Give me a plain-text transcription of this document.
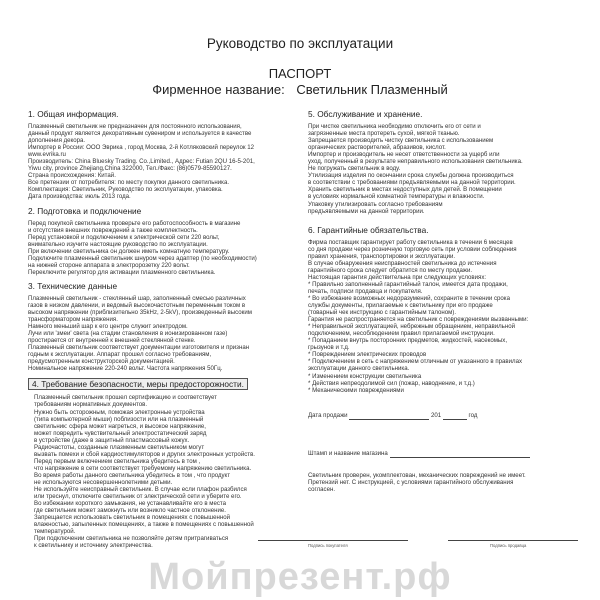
Руководство по эксплуатации
ПАСПОРТ
Фирменное название: Светильник Плазменный
1. Общая информация.
Плазменный светильник не предназначен для постоянного использования,
данный продукт является декоративным сувениром и используется в качестве
дополнения декора.
Импортер в России: ООО Эврика , город Москва, 2-й Котляковский переулок 12
www.evrika.ru
Производитель: China Bluesky Trading. Co.,Limited., Адрес: Futian 2QU 16-5-201,
Yiwu city, province Zhejiang,China 322000, Тел./Факс: (86)0579-85590127.
Страна происхождения: Китай.
Все претензии от потребителя: по месту покупки данного светильника.
Комплектация: Светильник, Руководство по эксплуатации, упаковка.
Дата производства: июль 2013 года.
2. Подготовка и подключение
Перед покупкой светильника проверьте его работоспособность в магазине
и отсутствия внешних повреждений а также комплектность.
Перед установкой и подключением к электрической сети 220 вольт,
внимательно изучите настоящие руководство по эксплуатации.
При включении светильника он должен иметь комнатную температуру.
Подключите плазменный светильник шнуром через адаптер (по необходимости)
на нижней стороне аппарата в электророзетку 220 вольт.
Переключите регулятор для активации плазменного светильника.
3. Технические данные
Плазменный светильник - стеклянный шар, заполненный смесью различных
газов в низком давлении, и ведомый высокочастотным переменным током в
высоком напряжении (приблизительно 35kHz, 2-5kV), произведенный высоким
трансформатором напряжения.
Намного меньший шар к его центре служит электродом.
Лучи или 'змеи' света (на стадии становления в ионизированном газе)
простирается от внутренней к внешней стеклянной стенке.
Плазменный светильник соответствует документации изготовителя и признан
годным к эксплуатации. Аппарат прошел согласно требованиям,
предусмотренным конструкторской документацией.
Номинальное напряжение 220-240 вольт. Частота напряжения 50Гц.
4. Требование безопасности, меры предосторожности.
Плазменный светильник прошел сертификацию и соответствует
требованиям нормативных документов.
Нужно быть осторожным, поможая электронные устройства
(типа компьютерной мыши) поблизости или на плазменный
светильник: сфера может нагреться, и высокое напряжение,
может повредить чувствительный электростатический заряд
в устройстве (даже в защитный пластмассовый кожух.
Радиочастоты, созданные плазменным светильником могут
вызвать помехи и сбой кардиостимуляторов и других электронных устройств.
Перед первым включением светильника убедитесь в том ,
что напряжение в сети соответствует требуемому напряжению светильника.
Во время работы данного светильника убедитесь в том , что продукт
не используются несовершеннолетними детьми.
Не используйте неисправный светильник. В случае если плафон разбился
или треснул, отключите светильник от электрической сети и уберите его.
Во избежании короткого замыкания, не устанавливайте его в места
где светильник может замокнуть или возникло частное отклонение.
Запрещается использовать светильник в помещениях с повышенной
влажностью, запыленных помещениях, а также в помещениях с повышенной
температурой.
При подключении светильника не позволяйте детям притрагиваться
к светильнику и источнику электричества.
5. Обслуживание и хранение.
При чистке светильника необходимо отключить его от сети и
загрязненные места протереть сухой, мягкой тканью.
Запрещается производить чистку светильника с использованием
органических растворителей, абразивов, кислот.
Импортер и производитель не несет ответственности за ущерб или
уход, полученный в результате неправильного использования светильника.
Не погружать светильник в воду.
Утилизация изделия по окончании срока службы должна производиться
в соответствии с требованиями предъявляемыми на данной территории.
Хранить светильник в местах недоступных для детей. В помещении
в условиях нормальной комнатной температуры и влажности.
Упаковку утилизировать согласно требованиям
предъявляемыми на данной территории.
6. Гарантийные обязательства.
Фирма поставщик гарантирует работу светильника в течении 6 месяцев
со дня продажи через розничную торговую сеть при условии соблюдения
правил хранения, транспортировки и эксплуатации.
В случае обнаружения неисправностей светильника до истечения
гарантийного срока следует обратится по месту продажи.
Настоящая гарантия действительна при следующих условиях:
* Правильно заполненный гарантийный талон, имеется дата продажи,
печать, подписи продавца и покупателя.
* Во избежание возможных недоразумений, сохраните в течении срока
службы документы, прилагаемые к светильнику при его продаже
(товарный чек инструкцию с гарантийным талоном).
Гарантия не распространяется на светильник с повреждениями вызванными:
* Неправильной эксплуатацией, небрежным обращением, неправильной
подключением, несоблюдением правил прилагаемой инструкции.
* Попаданием внутрь посторонних предметов, жидкостей, насекомых,
грызунов и т.д.
* Повреждением электрических проводов
* Подключением в сеть с напряжением отличным от указанного в правилах
эксплуатации данного светильника.
* Изменением конструкции светильника
* Действия непреодолимой сил (пожар, наводнение, и т.д.)
* Механическими повреждениями
Дата продажи	201	год
Штамп и название магазина
Светильник проверен, укомплектован, механических повреждений не имеет.
Претензий нет. С инструкцией, с условиями гарантийного обслуживания
согласен.
Подпись покупателя	Подпись продавца
Мойпрезент.рф
